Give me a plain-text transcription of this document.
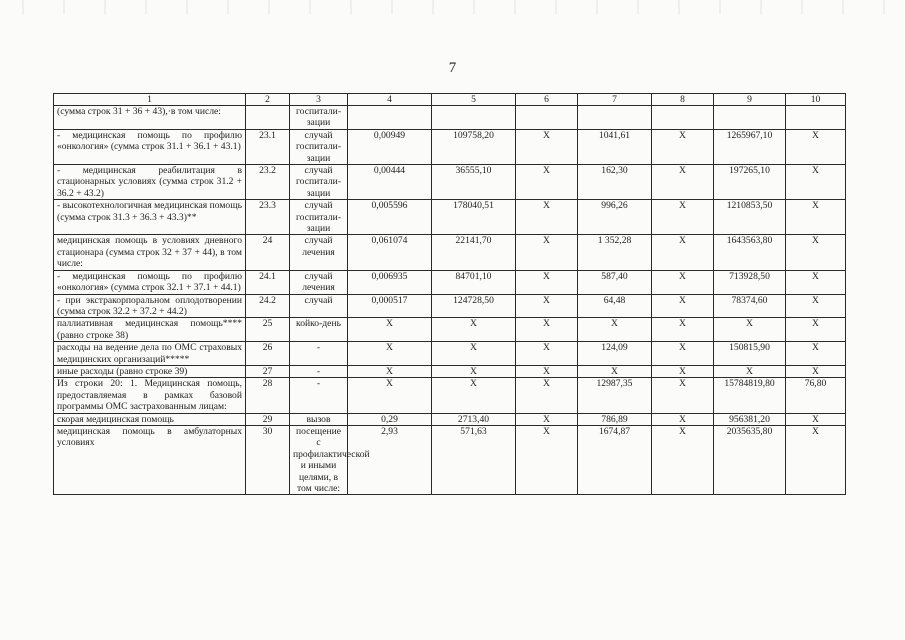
7
1	2	3	4	5	6	7	8	9	10
(сумма строк 31 + 36 + 43),·в том числе:		госпитали-зации							
- медицинская помощь по профилю «онкология» (сумма строк 31.1 + 36.1 + 43.1)	23.1	случай госпитали-зации	0,00949	109758,20	X	1041,61	X	1265967,10	X
- медицинская реабилитация в стационарных условиях (сумма строк 31.2 + 36.2 + 43.2)	23.2	случай госпитали-зации	0,00444	36555,10	X	162,30	X	197265,10	X
- высокотехнологичная медицинская помощь (сумма строк 31.3 + 36.3 + 43.3)**	23.3	случай госпитали-зации	0,005596	178040,51	X	996,26	X	1210853,50	X
медицинская помощь в условиях дневного стационара (сумма строк 32 + 37 + 44), в том числе:	24	случай лечения	0,061074	22141,70	X	1 352,28	X	1643563,80	X
- медицинская помощь по профилю «онкология» (сумма строк 32.1 + 37.1 + 44.1)	24.1	случай лечения	0,006935	84701,10	X	587,40	X	713928,50	X
- при экстракорпоральном оплодотворении (сумма строк 32.2 + 37.2 + 44.2)	24.2	случай	0,000517	124728,50	X	64,48	X	78374,60	X
паллиативная медицинская помощь**** (равно строке 38)	25	койко-день	X	X	X	X	X	X	X
расходы на ведение дела по ОМС страховых медицинских организаций*****	26	-	X	X	X	124,09	X	150815,90	X
иные расходы (равно строке 39)	27	-	X	X	X	X	X	X	X
Из строки 20: 1. Медицинская помощь, предоставляемая в рамках базовой программы ОМС застрахованным лицам:	28	-	X	X	X	12987,35	X	15784819,80	76,80
скорая медицинская помощь	29	вызов	0,29	2713,40	X	786,89	X	956381,20	X
медицинская помощь в амбулаторных условиях	30	посещение с профилактической и иными целями, в том числе:	2,93	571,63	X	1674,87	X	2035635,80	X
